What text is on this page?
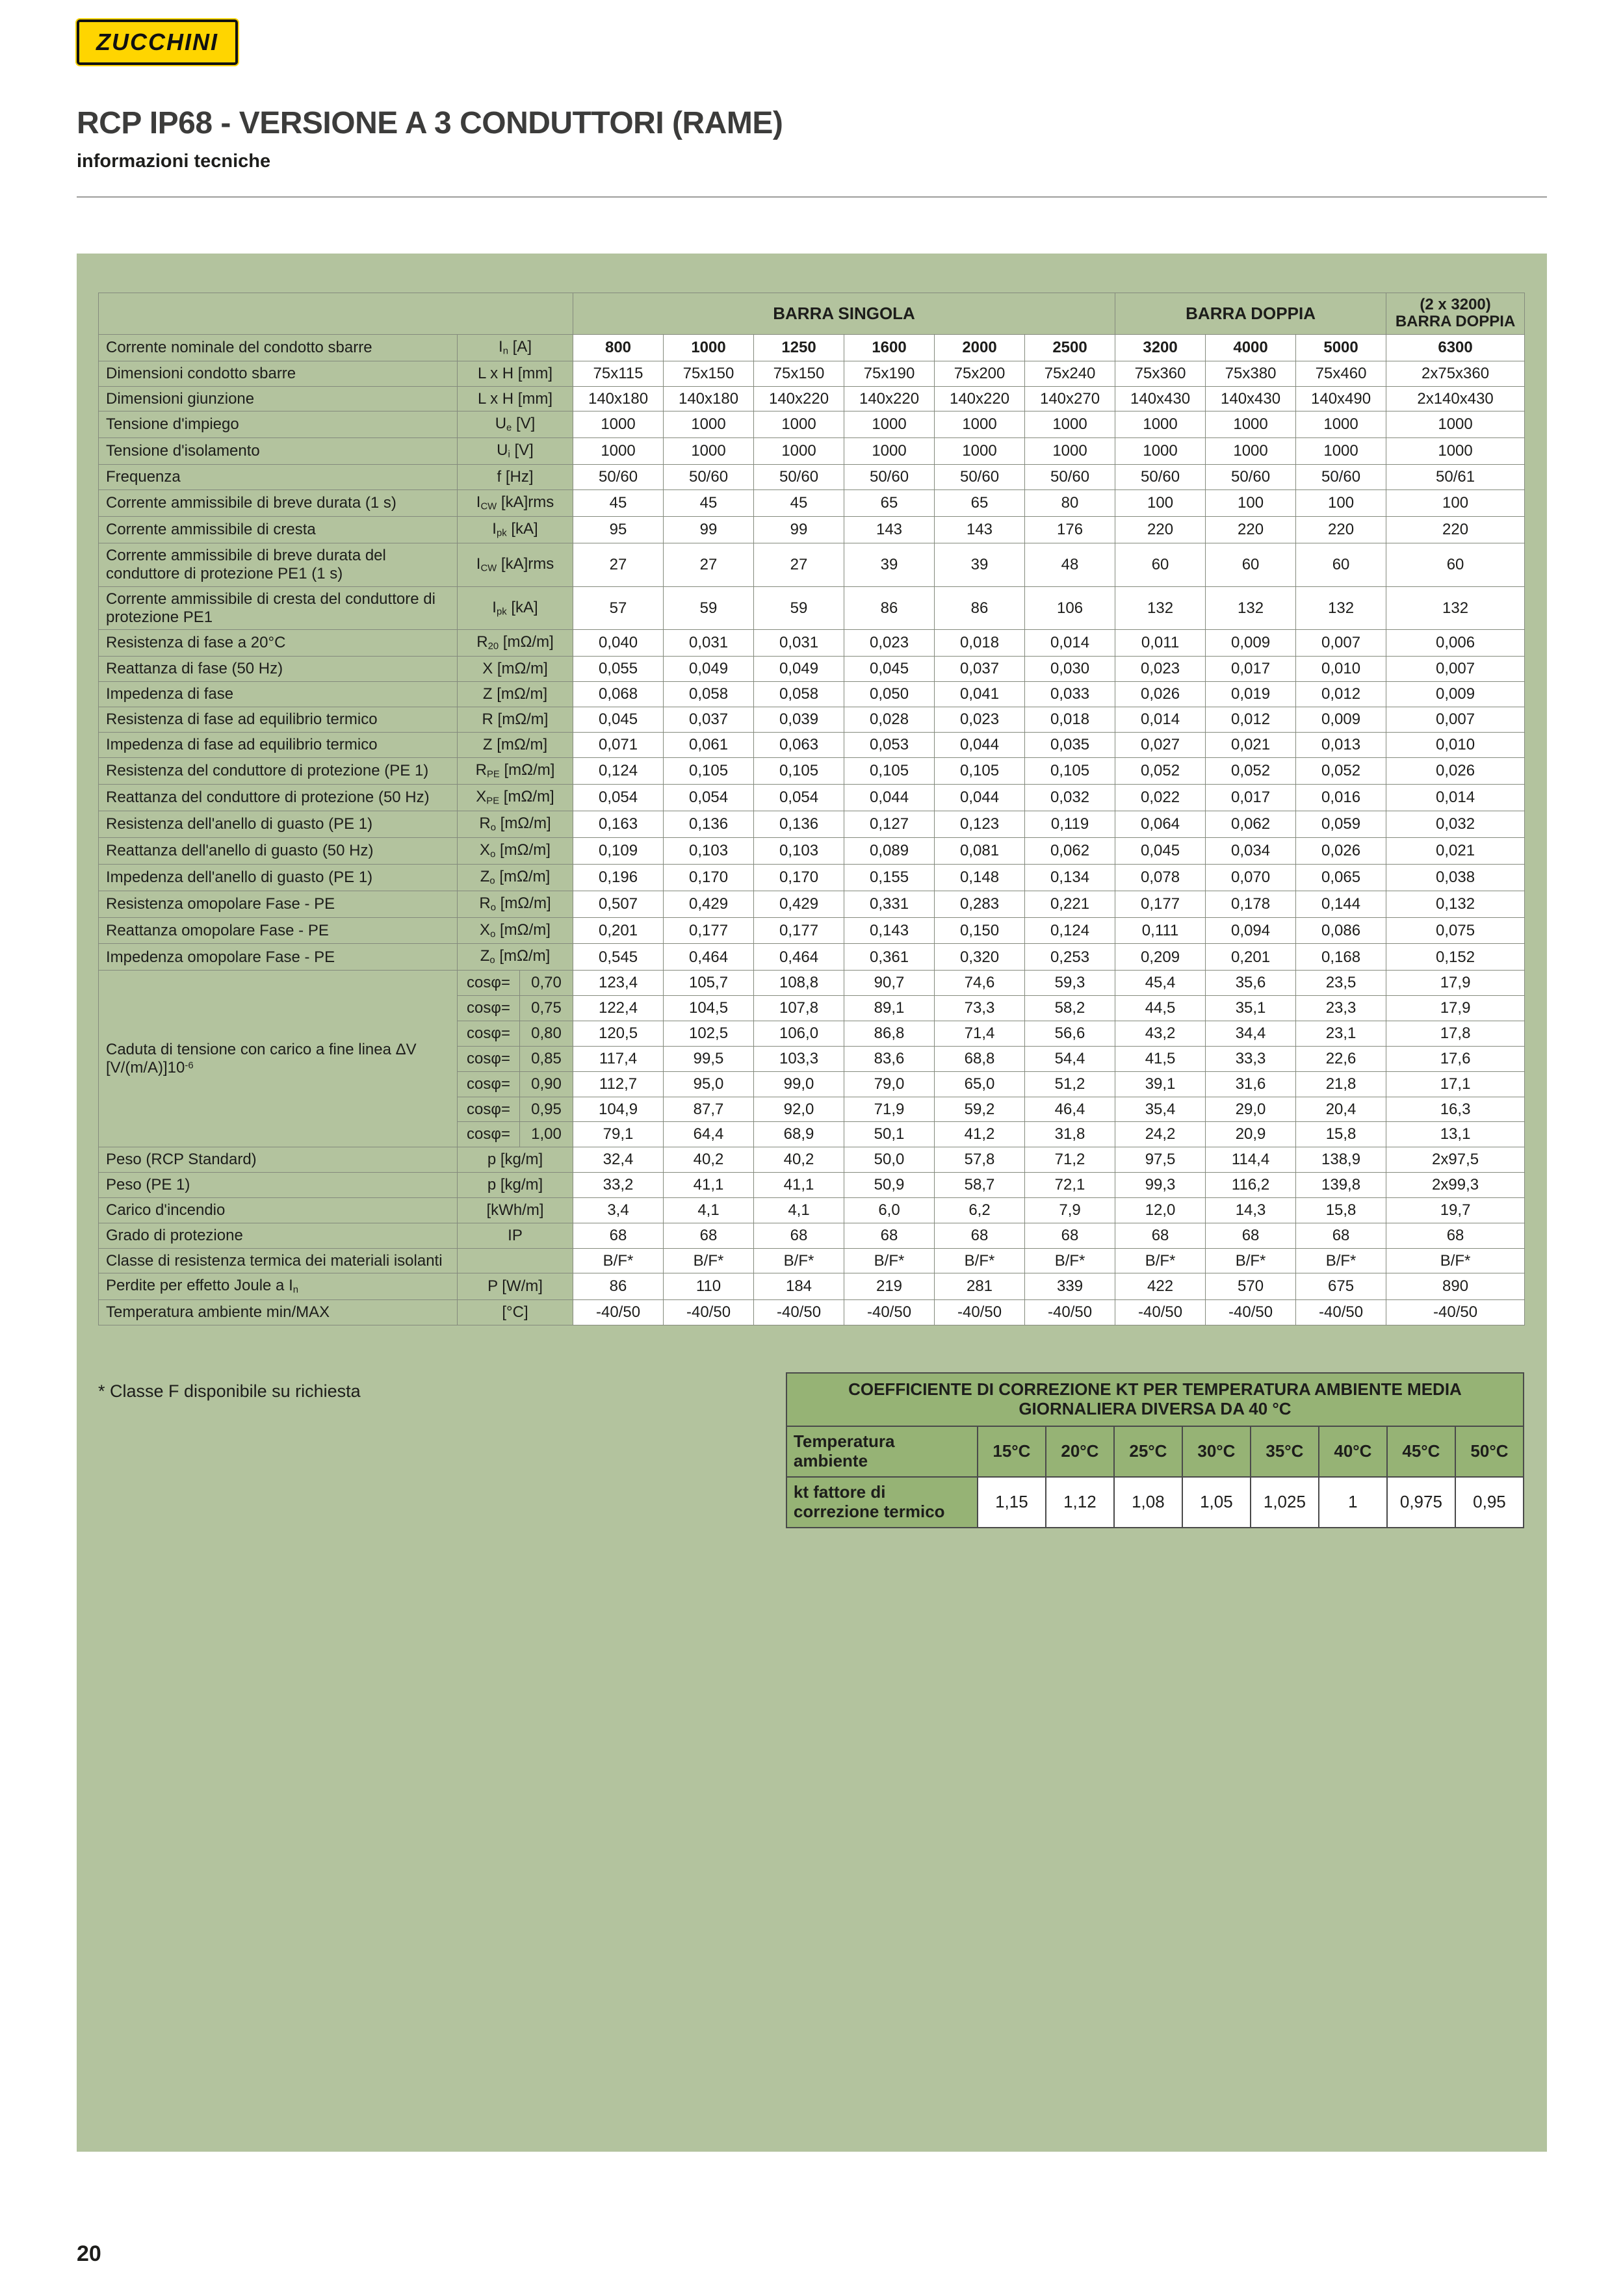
ZUCCHINI
RCP IP68 - VERSIONE A 3 CONDUTTORI (RAME)
informazioni tecniche
			BARRA SINGOLA						BARRA DOPPIA			(2 x 3200)
BARRA DOPPIA
Corrente nominale del condotto sbarre	$I_n$ [A]		800	1000	1250	1600	2000	2500	3200	4000	5000	6300
Dimensioni condotto sbarre	L x H [mm]		75x115	75x150	75x150	75x190	75x200	75x240	75x360	75x380	75x460	2x75x360
Dimensioni giunzione	L x H [mm]		140x180	140x180	140x220	140x220	140x220	140x270	140x430	140x430	140x490	2x140x430
Tensione d'impiego	$U_e$ [V]		1000	1000	1000	1000	1000	1000	1000	1000	1000	1000
Tensione d'isolamento	$U_i$ [V]		1000	1000	1000	1000	1000	1000	1000	1000	1000	1000
Frequenza	f [Hz]		50/60	50/60	50/60	50/60	50/60	50/60	50/60	50/60	50/60	50/61
Corrente ammissibile di breve durata (1 s)	$I_{CW}$ [kA]rms		45	45	45	65	65	80	100	100	100	100
Corrente ammissibile di cresta	$I_{pk}$ [kA]		95	99	99	143	143	176	220	220	220	220
Corrente ammissibile di breve durata del conduttore di protezione PE1 (1 s)	$I_{CW}$ [kA]rms		27	27	27	39	39	48	60	60	60	60
Corrente ammissibile di cresta del conduttore di protezione PE1	$I_{pk}$ [kA]		57	59	59	86	86	106	132	132	132	132
Resistenza di fase a 20°C	$R_{20}$ [mΩ/m]		0,040	0,031	0,031	0,023	0,018	0,014	0,011	0,009	0,007	0,006
Reattanza di fase (50 Hz)	X [mΩ/m]		0,055	0,049	0,049	0,045	0,037	0,030	0,023	0,017	0,010	0,007
Impedenza di fase	Z [mΩ/m]		0,068	0,058	0,058	0,050	0,041	0,033	0,026	0,019	0,012	0,009
Resistenza di fase ad equilibrio termico	R [mΩ/m]		0,045	0,037	0,039	0,028	0,023	0,018	0,014	0,012	0,009	0,007
Impedenza di fase ad equilibrio termico	Z [mΩ/m]		0,071	0,061	0,063	0,053	0,044	0,035	0,027	0,021	0,013	0,010
Resistenza del conduttore di protezione (PE 1)	$R_{PE}$ [mΩ/m]		0,124	0,105	0,105	0,105	0,105	0,105	0,052	0,052	0,052	0,026
Reattanza del conduttore di protezione (50 Hz)	$X_{PE}$ [mΩ/m]		0,054	0,054	0,054	0,044	0,044	0,032	0,022	0,017	0,016	0,014
Resistenza dell'anello di guasto (PE 1)	$R_o$ [mΩ/m]		0,163	0,136	0,136	0,127	0,123	0,119	0,064	0,062	0,059	0,032
Reattanza dell'anello di guasto (50 Hz)	$X_o$ [mΩ/m]		0,109	0,103	0,103	0,089	0,081	0,062	0,045	0,034	0,026	0,021
Impedenza dell'anello di guasto (PE 1)	$Z_o$ [mΩ/m]		0,196	0,170	0,170	0,155	0,148	0,134	0,078	0,070	0,065	0,038
Resistenza omopolare Fase - PE	$R_o$ [mΩ/m]		0,507	0,429	0,429	0,331	0,283	0,221	0,177	0,178	0,144	0,132
Reattanza omopolare Fase - PE	$X_o$ [mΩ/m]		0,201	0,177	0,177	0,143	0,150	0,124	0,111	0,094	0,086	0,075
Impedenza omopolare Fase - PE	$Z_o$ [mΩ/m]		0,545	0,464	0,464	0,361	0,320	0,253	0,209	0,201	0,168	0,152
Caduta di tensione con carico a fine linea ΔV $[V/(m/A)]10^{-6}$	cosφ=	0,70	123,4	105,7	108,8	90,7	74,6	59,3	45,4	35,6	23,5	17,9
	cosφ=	0,75	122,4	104,5	107,8	89,1	73,3	58,2	44,5	35,1	23,3	17,9
	cosφ=	0,80	120,5	102,5	106,0	86,8	71,4	56,6	43,2	34,4	23,1	17,8
	cosφ=	0,85	117,4	99,5	103,3	83,6	68,8	54,4	41,5	33,3	22,6	17,6
	cosφ=	0,90	112,7	95,0	99,0	79,0	65,0	51,2	39,1	31,6	21,8	17,1
	cosφ=	0,95	104,9	87,7	92,0	71,9	59,2	46,4	35,4	29,0	20,4	16,3
	cosφ=	1,00	79,1	64,4	68,9	50,1	41,2	31,8	24,2	20,9	15,8	13,1
Peso (RCP Standard)	p [kg/m]		32,4	40,2	40,2	50,0	57,8	71,2	97,5	114,4	138,9	2x97,5
Peso (PE 1)	p [kg/m]		33,2	41,1	41,1	50,9	58,7	72,1	99,3	116,2	139,8	2x99,3
Carico d'incendio	[kWh/m]		3,4	4,1	4,1	6,0	6,2	7,9	12,0	14,3	15,8	19,7
Grado di protezione	IP		68	68	68	68	68	68	68	68	68	68
Classe di resistenza termica dei materiali isolanti			B/F*	B/F*	B/F*	B/F*	B/F*	B/F*	B/F*	B/F*	B/F*	B/F*
Perdite per effetto Joule a $I_n$	P [W/m]		86	110	184	219	281	339	422	570	675	890
Temperatura ambiente min/MAX	[°C]		-40/50	-40/50	-40/50	-40/50	-40/50	-40/50	-40/50	-40/50	-40/50	-40/50
* Classe F disponibile su richiesta	COEFFICIENTE DI CORREZIONE KT PER TEMPERATURA AMBIENTE MEDIA GIORNALIERA DIVERSA DA 40 °C								
Temperatura ambiente	15°C	20°C	25°C	30°C	35°C	40°C	45°C	50°C
kt fattore di correzione termico	1,15	1,12	1,08	1,05	1,025	1	0,975	0,95
20
